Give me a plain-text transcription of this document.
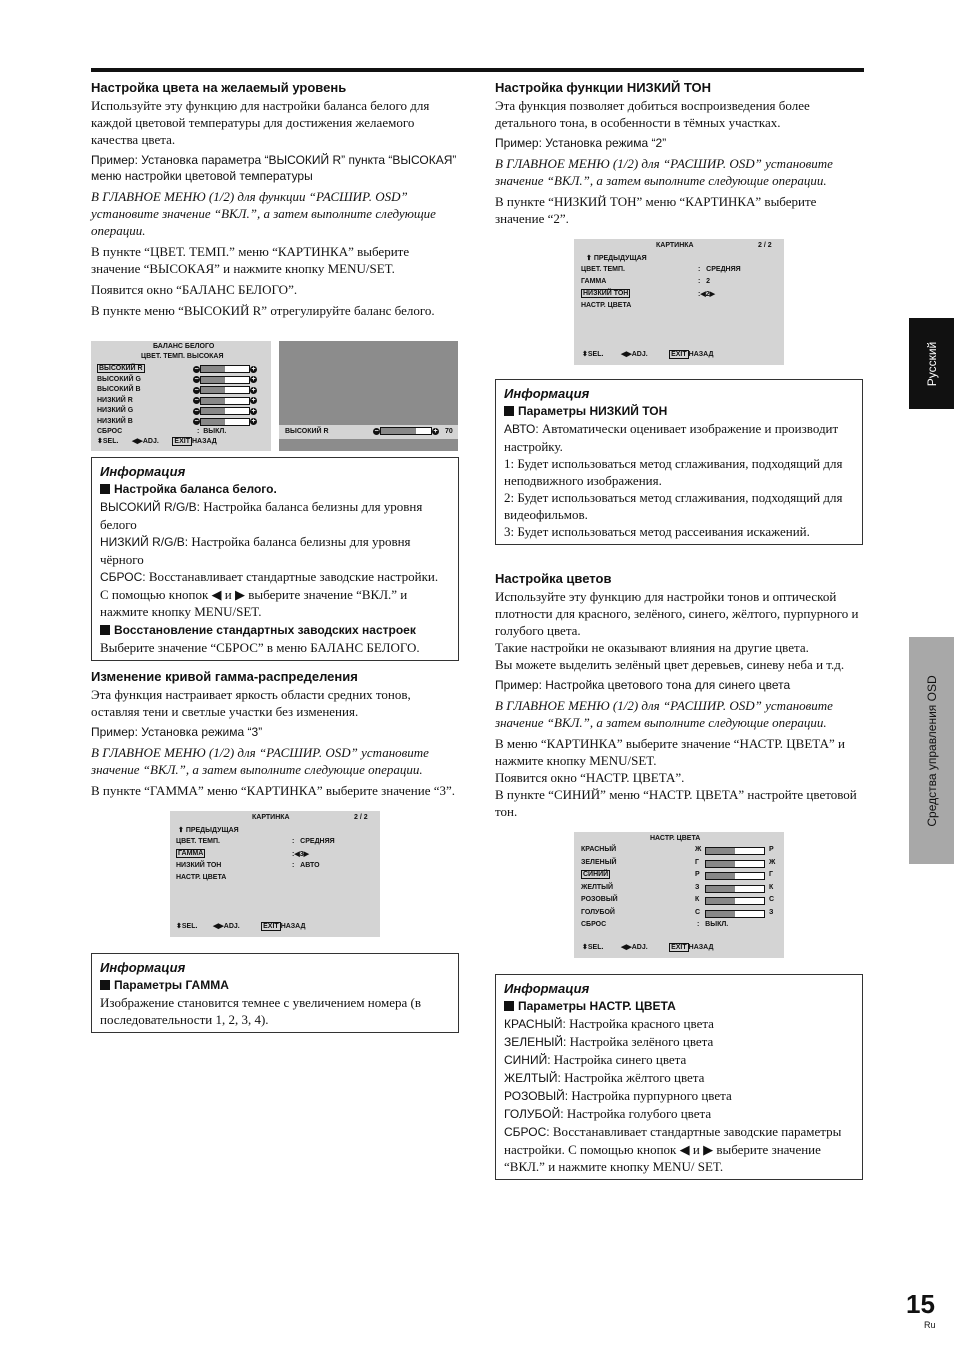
Русский
Средства управления OSD
Настройка цвета на желаемый уровень

Используйте эту функцию для настройки баланса белого для каждой цветовой температуры для достижения желаемого качества цвета.

Пример: Установка параметра “ВЫСОКИЙ R” пункта “ВЫСОКАЯ” меню настройки цветовой температуры

В ГЛАВНОЕ МЕНЮ (1/2) для функции “РАСШИР. OSD” установите значение “ВКЛ.”, а затем выполните следующие операции.

В пункте “ЦВЕТ. ТЕМП.” меню “КАРТИНКА” выберите значение “ВЫСОКАЯ” и нажмите кнопку MENU/SET.

Появится окно “БАЛАНС БЕЛОГО”.

В пункте меню “ВЫСОКИЙ R” отрегулируйте баланс белого.

БАЛАНС БЕЛОГО
ЦВЕТ. ТЕМП. ВЫСОКАЯ
ВЫСОКИЙ R	−	+
ВЫСОКИЙ G	−	+
ВЫСОКИЙ B	−	+
НИЗКИЙ R	−	+
НИЗКИЙ G	−	+
НИЗКИЙ B	−	+
СБРОС	:  ВЫКЛ.
⬍SEL.       ◀▶ADJ. EXIT НАЗАД
ВЫСОКИЙ R	−	+ 70
Информация
Настройка баланса белого.

ВЫСОКИЙ R/G/B: Настройка баланса белизны для уровня белого

НИЗКИЙ R/G/B: Настройка баланса белизны для уровня чёрного

СБРОС: Восстанавливает стандартные заводские настройки. С помощью кнопок ◀ и ▶ выберите значение “ВКЛ.” и нажмите кнопку MENU/SET.

Восстановление стандартных заводских настроек

Выберите значение “СБРОС” в меню БАЛАНС БЕЛОГО.

Изменение кривой гамма-распределения

Эта функция настраивает яркость области средних тонов, оставляя тени и светлые участки без изменения.

Пример: Установка режима “3”

В ГЛАВНОЕ МЕНЮ (1/2) для “РАСШИР. OSD” установите значение “ВКЛ.”, а затем выполните следующие операции.

В пункте “ГАММА” меню “КАРТИНКА” выберите значение “3”.

КАРТИНКА	2 / 2
⬆ ПРЕДЫДУЩАЯ
ЦВЕТ. ТЕМП.	:   СРЕДНЯЯ
ГАММА	:◀3▶
НИЗКИЙ ТОН	:   АВТО
НАСТР. ЦВЕТА
⬍SEL.        ◀▶ADJ.	EXIT НАЗАД
Информация
Параметры ГАММА

Изображение становится темнее с увеличением номера (в последовательности 1, 2, 3, 4).

Настройка функции НИЗКИЙ ТОН

Эта функция позволяет добиться воспроизведения более детального тона, в особенности в тёмных участках.

Пример: Установка режима “2”

В ГЛАВНОЕ МЕНЮ (1/2) для “РАСШИР. OSD” установите значение “ВКЛ.”, а затем выполните следующие операции.

В пункте “НИЗКИЙ ТОН” меню “КАРТИНКА” выберите значение “2”.

КАРТИНКА	2 / 2
⬆ ПРЕДЫДУЩАЯ
ЦВЕТ. ТЕМП.	:   СРЕДНЯЯ
ГАММА	:   2
НИЗКИЙ ТОН	:◀2▶
НАСТР. ЦВЕТА
⬍SEL.         ◀▶ADJ.	EXIT НАЗАД
Информация
Параметры НИЗКИЙ ТОН

АВТО: Автоматически оценивает изображение и производит настройку.

1: Будет использоваться метод сглаживания, подходящий для неподвижного изображения.

2: Будет использоваться метод сглаживания, подходящий для видеофильмов.

3: Будет использоваться метод рассеивания искажений.

Настройка цветов

Используйте эту функцию для настройки тонов и оптической плотности для красного, зелёного, синего, жёлтого, пурпурного и голубого цвета.

Такие настройки не оказывают влияния на другие цвета.

Вы можете выделить зелёный цвет деревьев, синеву неба и т.д.

Пример: Настройка цветового тона для синего цвета

В ГЛАВНОЕ МЕНЮ (1/2) для “РАСШИР. OSD” установите значение “ВКЛ.”, а затем выполните следующие операции.

В меню “КАРТИНКА” выберите значение “НАСТР. ЦВЕТА” и нажмите кнопку MENU/SET.

Появится окно “НАСТР. ЦВЕТА”.

В пункте “СИНИЙ” меню “НАСТР. ЦВЕТА” настройте цветовой тон.

НАСТР. ЦВЕТА
КРАСНЫЙ	Ж	Р
ЗЕЛЕНЫЙ	Г	Ж
СИНИЙ	Р	Г
ЖЕЛТЫЙ	З	К
РОЗОВЫЙ	К	С
ГОЛУБОЙ	С	З
СБРОС	:   ВЫКЛ.
⬍SEL.         ◀▶ADJ.	EXIT НАЗАД
Информация
Параметры НАСТР. ЦВЕТА

КРАСНЫЙ: Настройка красного цвета

ЗЕЛЕНЫЙ: Настройка зелёного цвета

СИНИЙ: Настройка синего цвета

ЖЕЛТЫЙ: Настройка жёлтого цвета

РОЗОВЫЙ: Настройка пурпурного цвета

ГОЛУБОЙ: Настройка голубого цвета

СБРОС: Восстанавливает стандартные заводские параметры настройки. С помощью кнопок ◀ и ▶ выберите значение “ВКЛ.” и нажмите кнопку MENU/ SET.

15
Ru
